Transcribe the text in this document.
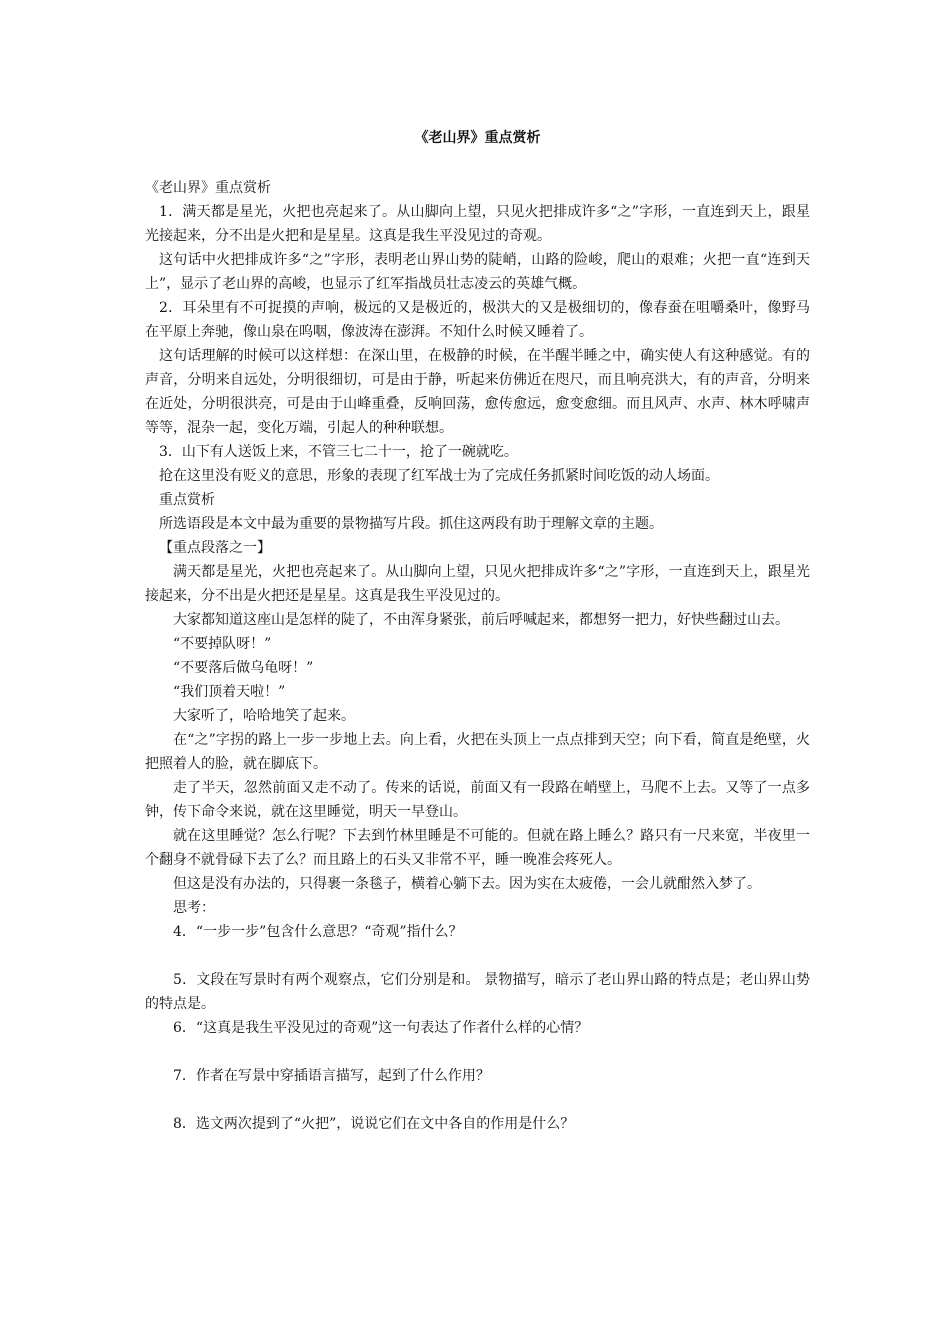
《老山界》重点赏析

《老山界》重点赏析

1．满天都是星光，火把也亮起来了。从山脚向上望，只见火把排成许多“之”字形，一直连到天上，跟星光接起来，分不出是火把和是星星。这真是我生平没见过的奇观。

这句话中火把排成许多“之”字形，表明老山界山势的陡峭，山路的险峻，爬山的艰难；火把一直“连到天上”，显示了老山界的高峻，也显示了红军指战员壮志凌云的英雄气概。

2．耳朵里有不可捉摸的声响，极远的又是极近的，极洪大的又是极细切的，像春蚕在咀嚼桑叶，像野马在平原上奔驰，像山泉在呜咽，像波涛在澎湃。不知什么时候又睡着了。

这句话理解的时候可以这样想：在深山里，在极静的时候，在半醒半睡之中，确实使人有这种感觉。有的声音，分明来自远处，分明很细切，可是由于静，听起来仿佛近在咫尺，而且响亮洪大，有的声音，分明来在近处，分明很洪亮，可是由于山峰重叠，反响回荡，愈传愈远，愈变愈细。而且风声、水声、林木呼啸声等等，混杂一起，变化万端，引起人的种种联想。

3．山下有人送饭上来，不管三七二十一，抢了一碗就吃。

抢在这里没有贬义的意思，形象的表现了红军战士为了完成任务抓紧时间吃饭的动人场面。

重点赏析

所选语段是本文中最为重要的景物描写片段。抓住这两段有助于理解文章的主题。

【重点段落之一】

满天都是星光，火把也亮起来了。从山脚向上望，只见火把排成许多“之”字形，一直连到天上，跟星光接起来，分不出是火把还是星星。这真是我生平没见过的。

大家都知道这座山是怎样的陡了，不由浑身紧张，前后呼喊起来，都想努一把力，好快些翻过山去。

“不要掉队呀！”

“不要落后做乌龟呀！”

“我们顶着天啦！”

大家听了，哈哈地笑了起来。

在“之”字拐的路上一步一步地上去。向上看，火把在头顶上一点点排到天空；向下看，简直是绝壁，火把照着人的脸，就在脚底下。

走了半天，忽然前面又走不动了。传来的话说，前面又有一段路在峭壁上，马爬不上去。又等了一点多钟，传下命令来说，就在这里睡觉，明天一早登山。

就在这里睡觉？怎么行呢？下去到竹林里睡是不可能的。但就在路上睡么？路只有一尺来宽，半夜里一个翻身不就骨碌下去了么？而且路上的石头又非常不平，睡一晚准会疼死人。

但这是没有办法的，只得裹一条毯子，横着心躺下去。因为实在太疲倦，一会儿就酣然入梦了。

思考：

4．“一步一步”包含什么意思？“奇观”指什么？

5．文段在写景时有两个观察点，它们分别是和。 景物描写，暗示了老山界山路的特点是；老山界山势的特点是。

6．“这真是我生平没见过的奇观”这一句表达了作者什么样的心情？

7．作者在写景中穿插语言描写，起到了什么作用？

8．选文两次提到了“火把”，说说它们在文中各自的作用是什么？
